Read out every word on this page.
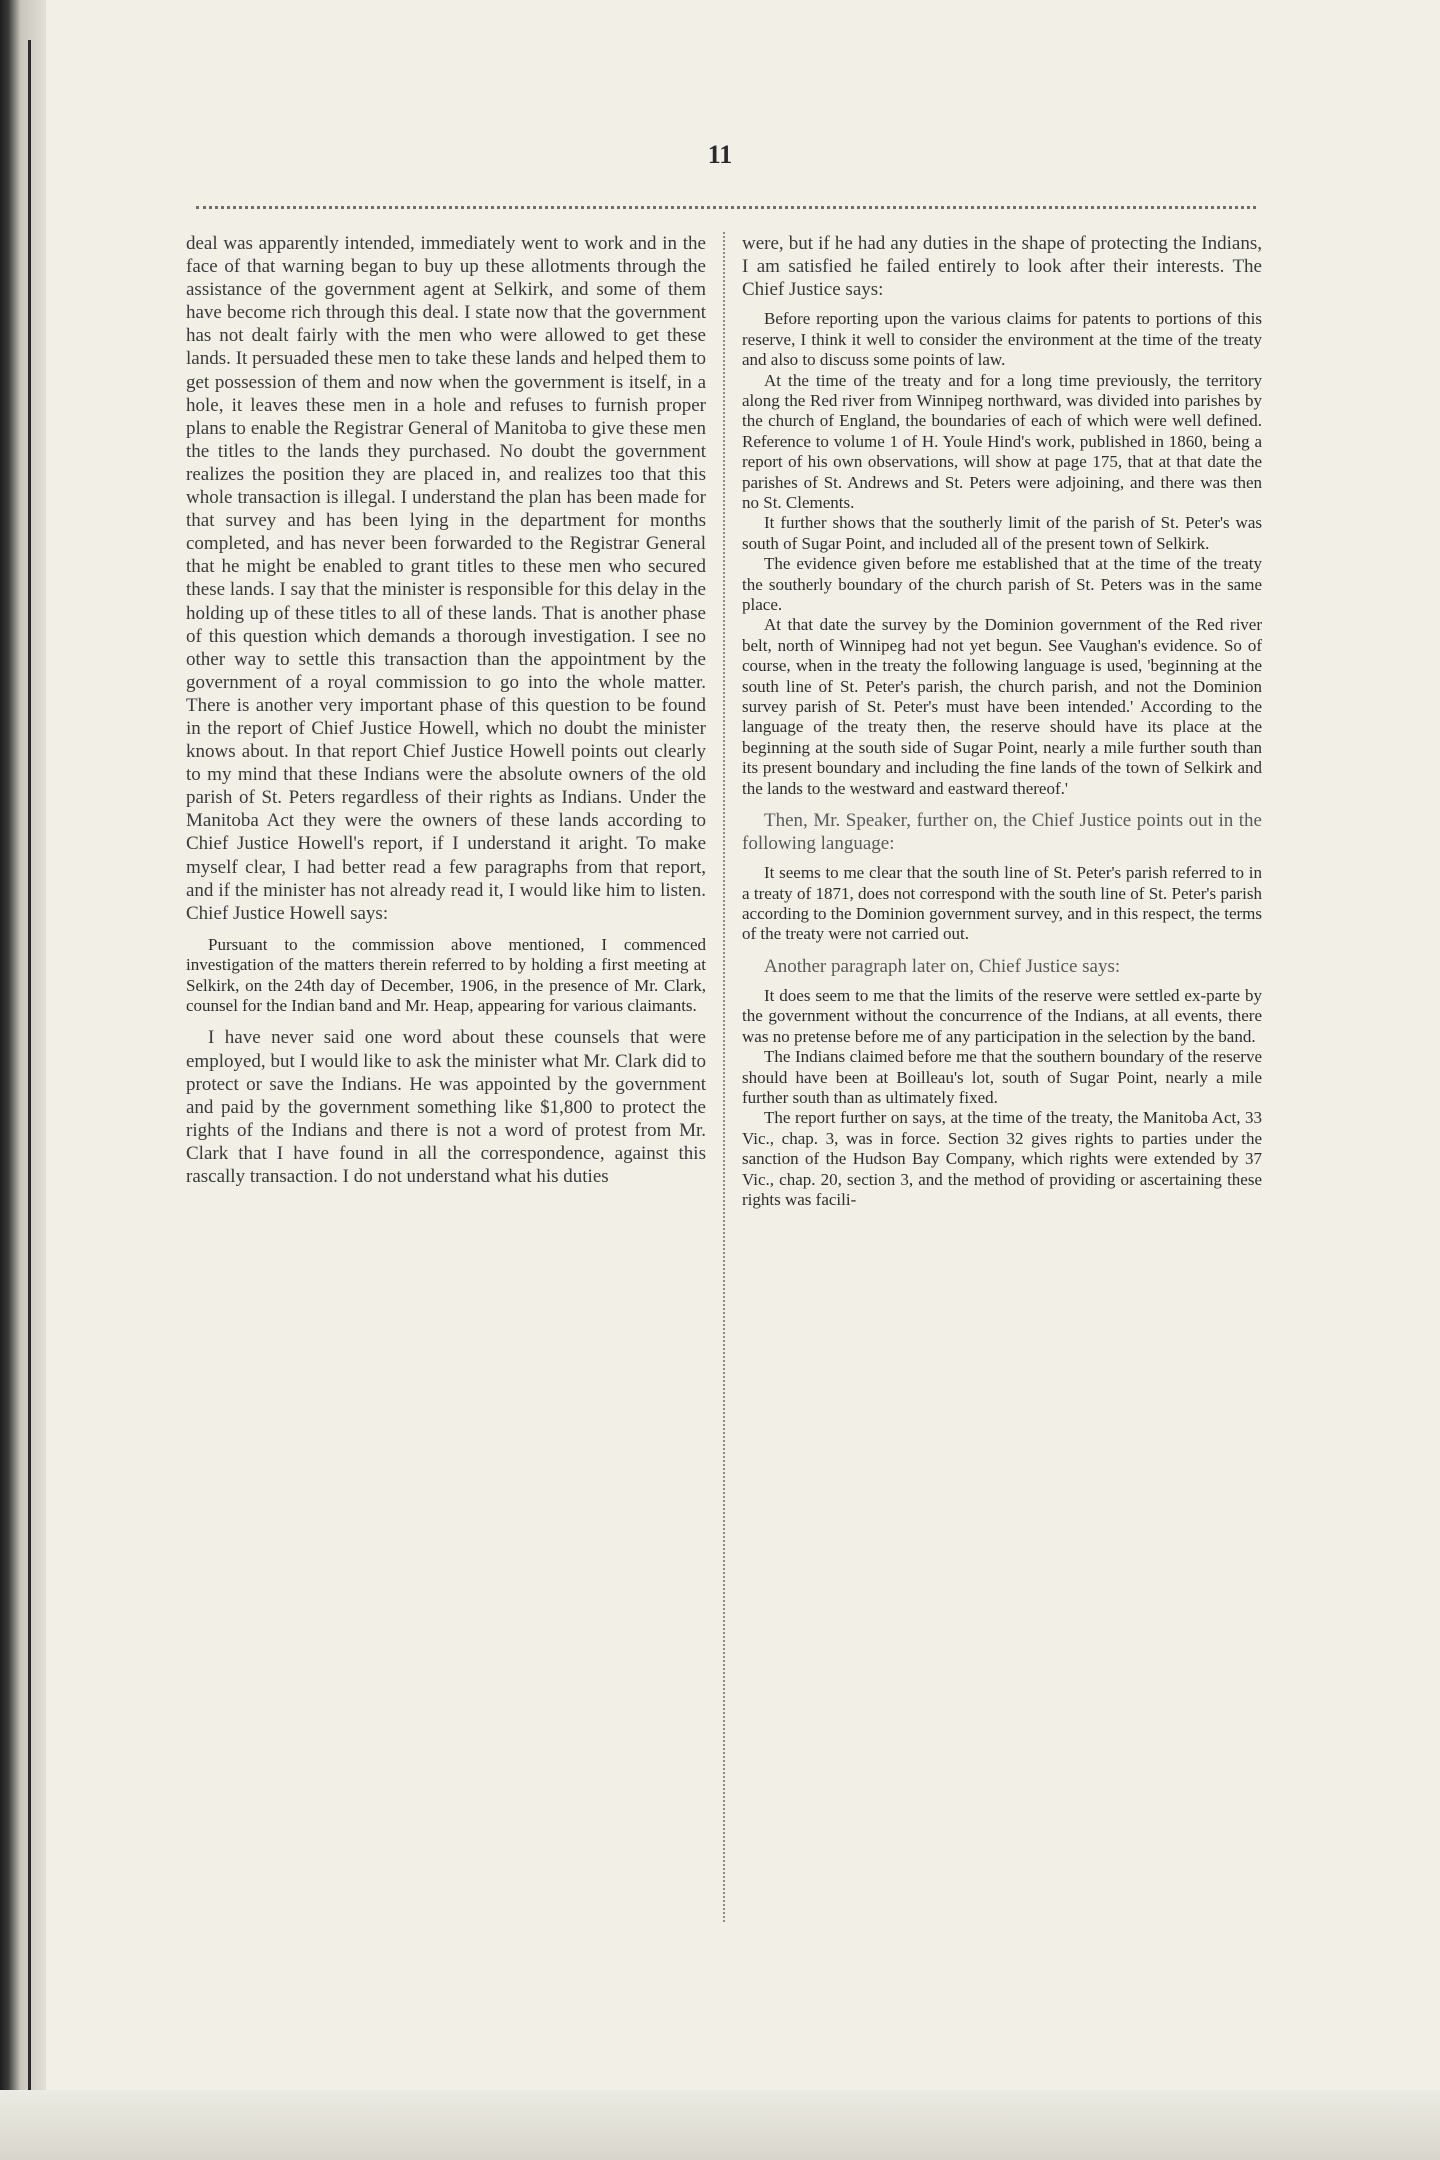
11

deal was apparently intended, immediately went to work and in the face of that warning began to buy up these allotments through the assistance of the government agent at Selkirk, and some of them have become rich through this deal. I state now that the government has not dealt fairly with the men who were allowed to get these lands. It persuaded these men to take these lands and helped them to get possession of them and now when the government is itself, in a hole, it leaves these men in a hole and refuses to furnish proper plans to enable the Registrar General of Manitoba to give these men the titles to the lands they purchased. No doubt the government realizes the position they are placed in, and realizes too that this whole transaction is illegal. I understand the plan has been made for that survey and has been lying in the department for months completed, and has never been forwarded to the Registrar General that he might be enabled to grant titles to these men who secured these lands. I say that the minister is responsible for this delay in the holding up of these titles to all of these lands. That is another phase of this question which demands a thorough investigation. I see no other way to settle this transaction than the appointment by the government of a royal commission to go into the whole matter. There is another very important phase of this question to be found in the report of Chief Justice Howell, which no doubt the minister knows about. In that report Chief Justice Howell points out clearly to my mind that these Indians were the absolute owners of the old parish of St. Peters regardless of their rights as Indians. Under the Manitoba Act they were the owners of these lands according to Chief Justice Howell's report, if I understand it aright. To make myself clear, I had better read a few paragraphs from that report, and if the minister has not already read it, I would like him to listen. Chief Justice Howell says:

Pursuant to the commission above mentioned, I commenced investigation of the matters therein referred to by holding a first meeting at Selkirk, on the 24th day of December, 1906, in the presence of Mr. Clark, counsel for the Indian band and Mr. Heap, appearing for various claimants.

I have never said one word about these counsels that were employed, but I would like to ask the minister what Mr. Clark did to protect or save the Indians. He was appointed by the government and paid by the government something like $1,800 to protect the rights of the Indians and there is not a word of protest from Mr. Clark that I have found in all the correspondence, against this rascally transaction. I do not understand what his duties

were, but if he had any duties in the shape of protecting the Indians, I am satisfied he failed entirely to look after their interests. The Chief Justice says:

Before reporting upon the various claims for patents to portions of this reserve, I think it well to consider the environment at the time of the treaty and also to discuss some points of law.

At the time of the treaty and for a long time previously, the territory along the Red river from Winnipeg northward, was divided into parishes by the church of England, the boundaries of each of which were well defined. Reference to volume 1 of H. Youle Hind's work, published in 1860, being a report of his own observations, will show at page 175, that at that date the parishes of St. Andrews and St. Peters were adjoining, and there was then no St. Clements.

It further shows that the southerly limit of the parish of St. Peter's was south of Sugar Point, and included all of the present town of Selkirk.

The evidence given before me established that at the time of the treaty the southerly boundary of the church parish of St. Peters was in the same place.

At that date the survey by the Dominion government of the Red river belt, north of Winnipeg had not yet begun. See Vaughan's evidence. So of course, when in the treaty the following language is used, 'beginning at the south line of St. Peter's parish, the church parish, and not the Dominion survey parish of St. Peter's must have been intended.' According to the language of the treaty then, the reserve should have its place at the beginning at the south side of Sugar Point, nearly a mile further south than its present boundary and including the fine lands of the town of Selkirk and the lands to the westward and eastward thereof.'

Then, Mr. Speaker, further on, the Chief Justice points out in the following language:

It seems to me clear that the south line of St. Peter's parish referred to in a treaty of 1871, does not correspond with the south line of St. Peter's parish according to the Dominion government survey, and in this respect, the terms of the treaty were not carried out.

Another paragraph later on, Chief Justice says:

It does seem to me that the limits of the reserve were settled ex-parte by the government without the concurrence of the Indians, at all events, there was no pretense before me of any participation in the selection by the band.

The Indians claimed before me that the southern boundary of the reserve should have been at Boilleau's lot, south of Sugar Point, nearly a mile further south than as ultimately fixed.

The report further on says, at the time of the treaty, the Manitoba Act, 33 Vic., chap. 3, was in force. Section 32 gives rights to parties under the sanction of the Hudson Bay Company, which rights were extended by 37 Vic., chap. 20, section 3, and the method of providing or ascertaining these rights was facili-
